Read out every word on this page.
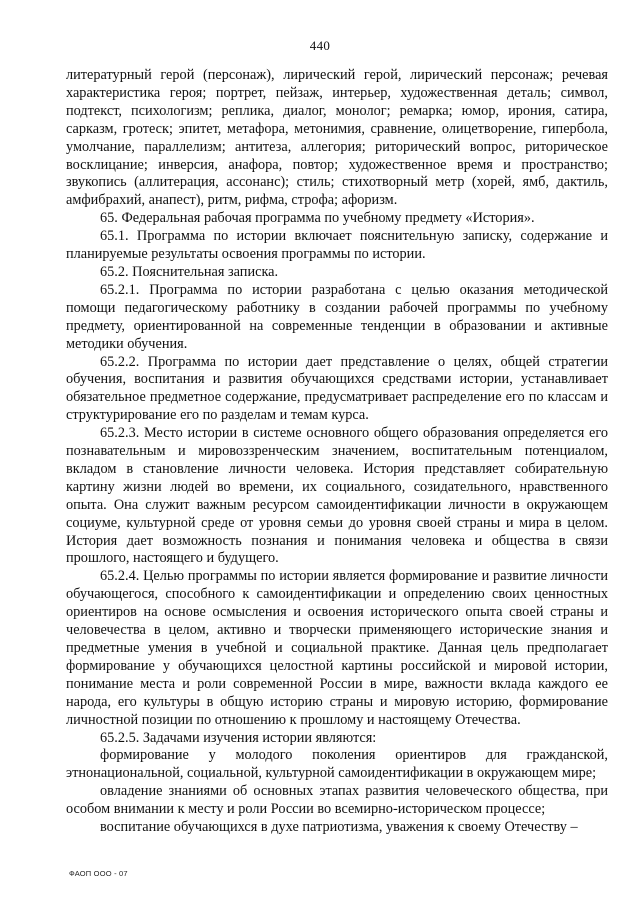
440

литературный герой (персонаж), лирический герой, лирический персонаж; речевая характеристика героя; портрет, пейзаж, интерьер, художественная деталь; символ, подтекст, психологизм; реплика, диалог, монолог; ремарка; юмор, ирония, сатира, сарказм, гротеск; эпитет, метафора, метонимия, сравнение, олицетворение, гипербола, умолчание, параллелизм; антитеза, аллегория; риторический вопрос, риторическое восклицание; инверсия, анафора, повтор; художественное время и пространство; звукопись (аллитерация, ассонанс); стиль; стихотворный метр (хорей, ямб, дактиль, амфибрахий, анапест), ритм, рифма, строфа; афоризм.

65. Федеральная рабочая программа по учебному предмету «История».

65.1. Программа по истории включает пояснительную записку, содержание и планируемые результаты освоения программы по истории.

65.2. Пояснительная записка.

65.2.1. Программа по истории разработана с целью оказания методической помощи педагогическому работнику в создании рабочей программы по учебному предмету, ориентированной на современные тенденции в образовании и активные методики обучения.

65.2.2. Программа по истории дает представление о целях, общей стратегии обучения, воспитания и развития обучающихся средствами истории, устанавливает обязательное предметное содержание, предусматривает распределение его по классам и структурирование его по разделам и темам курса.

65.2.3. Место истории в системе основного общего образования определяется его познавательным и мировоззренческим значением, воспитательным потенциалом, вкладом в становление личности человека. История представляет собирательную картину жизни людей во времени, их социального, созидательного, нравственного опыта. Она служит важным ресурсом самоидентификации личности в окружающем социуме, культурной среде от уровня семьи до уровня своей страны и мира в целом. История дает возможность познания и понимания человека и общества в связи прошлого, настоящего и будущего.

65.2.4. Целью программы по истории является формирование и развитие личности обучающегося, способного к самоидентификации и определению своих ценностных ориентиров на основе осмысления и освоения исторического опыта своей страны и человечества в целом, активно и творчески применяющего исторические знания и предметные умения в учебной и социальной практике. Данная цель предполагает формирование у обучающихся целостной картины российской и мировой истории, понимание места и роли современной России в мире, важности вклада каждого ее народа, его культуры в общую историю страны и мировую историю, формирование личностной позиции по отношению к прошлому и настоящему Отечества.

65.2.5. Задачами изучения истории являются:

формирование у молодого поколения ориентиров для гражданской, этнонациональной, социальной, культурной самоидентификации в окружающем мире;

овладение знаниями об основных этапах развития человеческого общества, при особом внимании к месту и роли России во всемирно-историческом процессе;

воспитание обучающихся в духе патриотизма, уважения к своему Отечеству –

ФАОП ООО - 07
